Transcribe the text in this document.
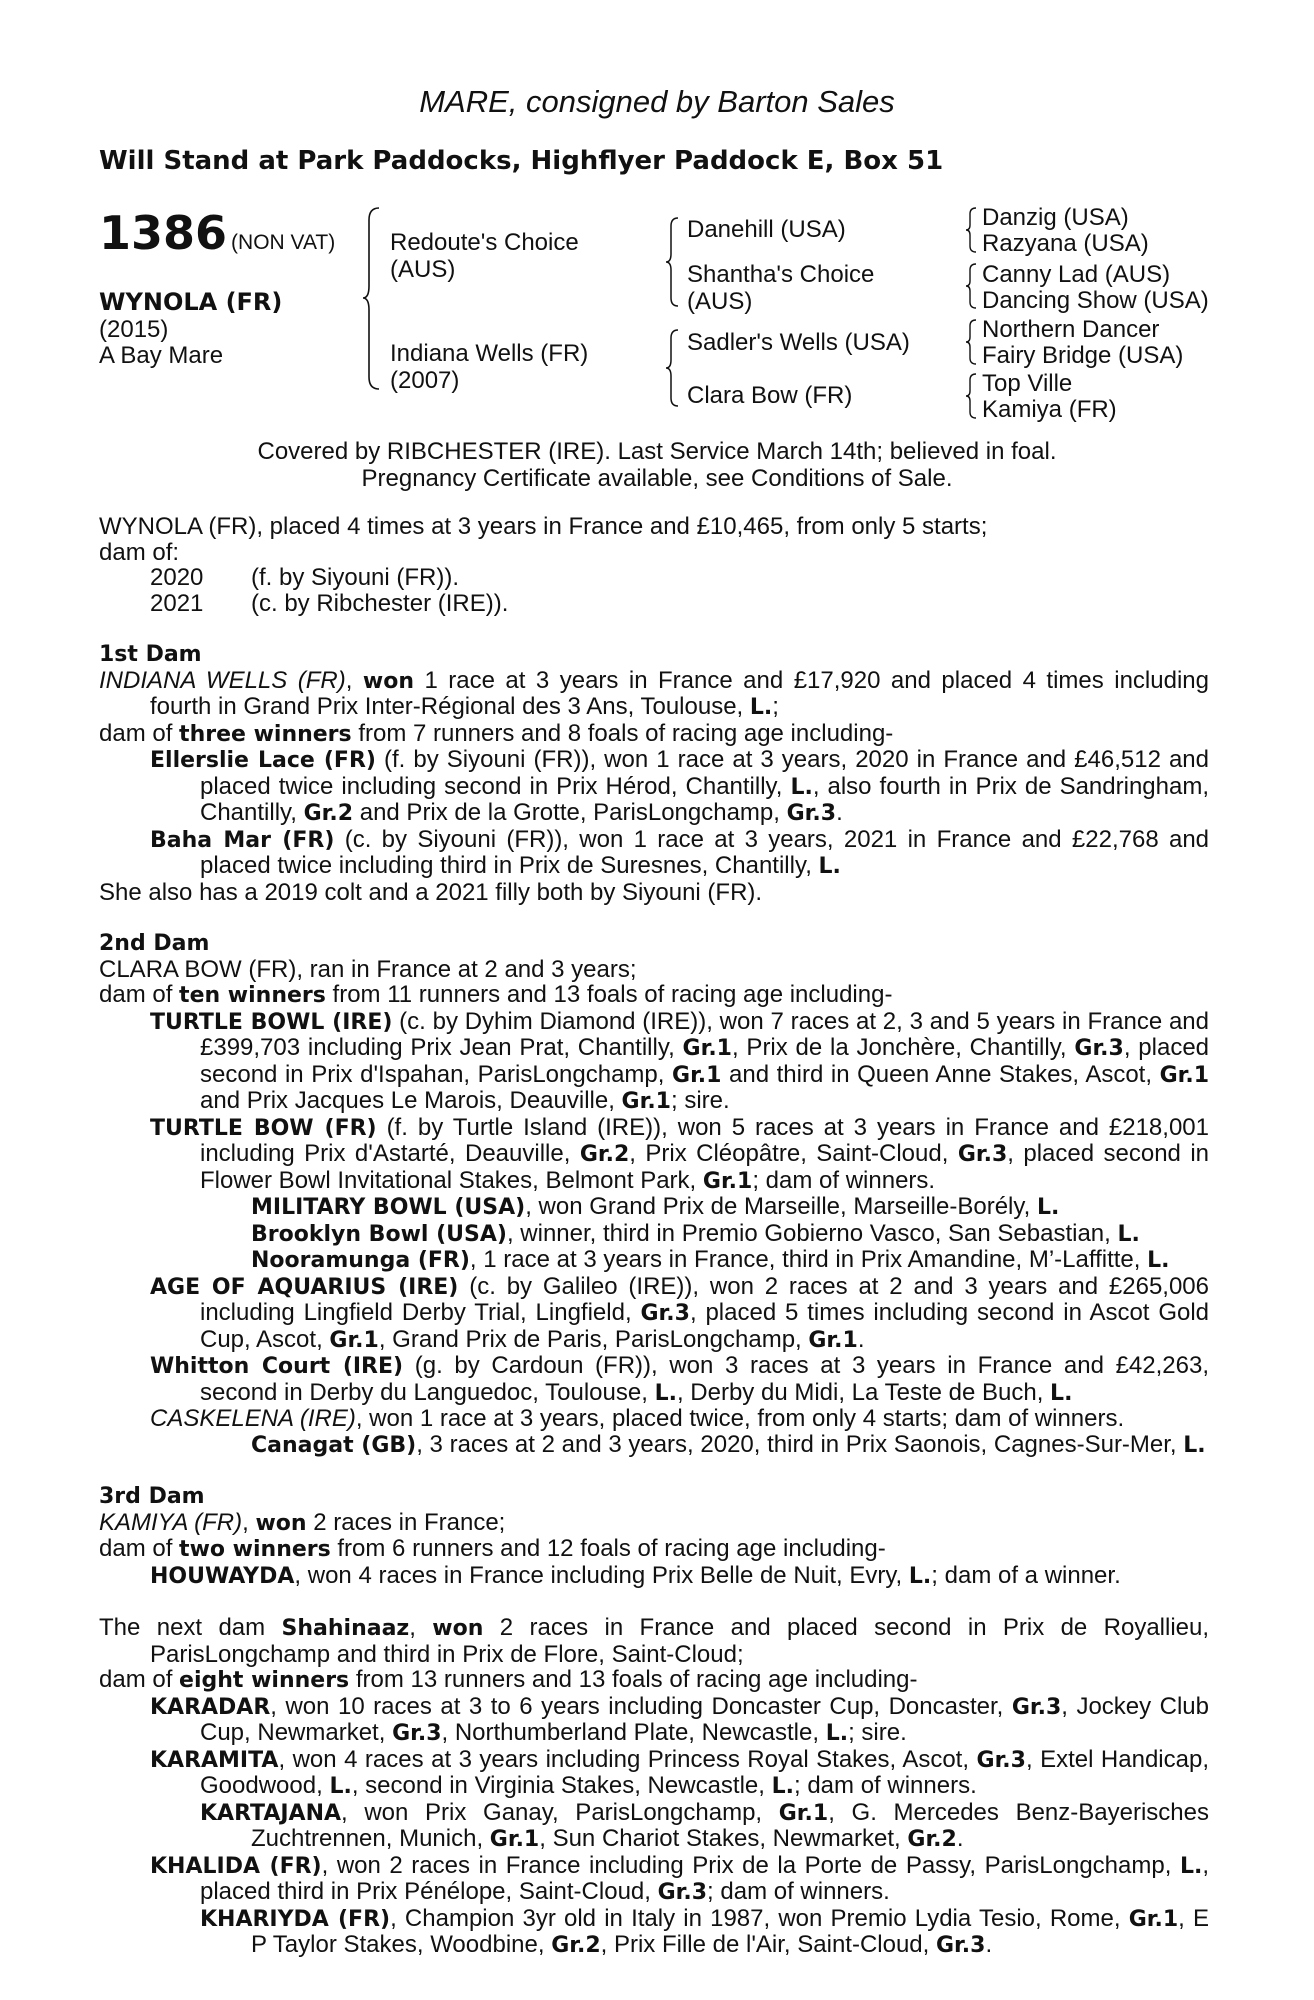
MARE, consigned by Barton Sales
Will Stand at Park Paddocks, Highflyer Paddock E, Box 51
1386 (NON VAT)
WYNOLA (FR)
(2015)
A Bay Mare
Redoute's Choice
(AUS)
Indiana Wells (FR)
(2007)
Danehill (USA)
Shantha's Choice
(AUS)
Sadler's Wells (USA)
Clara Bow (FR)
Danzig (USA)
Razyana (USA)
Canny Lad (AUS)
Dancing Show (USA)
Northern Dancer
Fairy Bridge (USA)
Top Ville
Kamiya (FR)
Covered by RIBCHESTER (IRE). Last Service March 14th; believed in foal.
Pregnancy Certificate available, see Conditions of Sale.

WYNOLA (FR), placed 4 times at 3 years in France and £10,465, from only 5 starts;

dam of:

2020 (f. by Siyouni (FR)).

2021 (c. by Ribchester (IRE)).

1st Dam

INDIANA WELLS (FR), won 1 race at 3 years in France and £17,920 and placed 4 times including fourth in Grand Prix Inter-Régional des 3 Ans, Toulouse, L.;

dam of three winners from 7 runners and 8 foals of racing age including-

Ellerslie Lace (FR) (f. by Siyouni (FR)), won 1 race at 3 years, 2020 in France and £46,512 and placed twice including second in Prix Hérod, Chantilly, L., also fourth in Prix de Sandringham, Chantilly, Gr.2 and Prix de la Grotte, ParisLongchamp, Gr.3.

Baha Mar (FR) (c. by Siyouni (FR)), won 1 race at 3 years, 2021 in France and £22,768 and placed twice including third in Prix de Suresnes, Chantilly, L.

She also has a 2019 colt and a 2021 filly both by Siyouni (FR).

2nd Dam

CLARA BOW (FR), ran in France at 2 and 3 years;

dam of ten winners from 11 runners and 13 foals of racing age including-

TURTLE BOWL (IRE) (c. by Dyhim Diamond (IRE)), won 7 races at 2, 3 and 5 years in France and £399,703 including Prix Jean Prat, Chantilly, Gr.1, Prix de la Jonchère, Chantilly, Gr.3, placed second in Prix d'Ispahan, ParisLongchamp, Gr.1 and third in Queen Anne Stakes, Ascot, Gr.1 and Prix Jacques Le Marois, Deauville, Gr.1; sire.

TURTLE BOW (FR) (f. by Turtle Island (IRE)), won 5 races at 3 years in France and £218,001 including Prix d'Astarté, Deauville, Gr.2, Prix Cléopâtre, Saint-Cloud, Gr.3, placed second in Flower Bowl Invitational Stakes, Belmont Park, Gr.1; dam of winners.

MILITARY BOWL (USA), won Grand Prix de Marseille, Marseille-Borély, L.

Brooklyn Bowl (USA), winner, third in Premio Gobierno Vasco, San Sebastian, L.

Nooramunga (FR), 1 race at 3 years in France, third in Prix Amandine, M’-Laffitte, L.

AGE OF AQUARIUS (IRE) (c. by Galileo (IRE)), won 2 races at 2 and 3 years and £265,006 including Lingfield Derby Trial, Lingfield, Gr.3, placed 5 times including second in Ascot Gold Cup, Ascot, Gr.1, Grand Prix de Paris, ParisLongchamp, Gr.1.

Whitton Court (IRE) (g. by Cardoun (FR)), won 3 races at 3 years in France and £42,263, second in Derby du Languedoc, Toulouse, L., Derby du Midi, La Teste de Buch, L.

CASKELENA (IRE), won 1 race at 3 years, placed twice, from only 4 starts; dam of winners.

Canagat (GB), 3 races at 2 and 3 years, 2020, third in Prix Saonois, Cagnes-Sur-Mer, L.

3rd Dam

KAMIYA (FR), won 2 races in France;

dam of two winners from 6 runners and 12 foals of racing age including-

HOUWAYDA, won 4 races in France including Prix Belle de Nuit, Evry, L.; dam of a winner.

The next dam Shahinaaz, won 2 races in France and placed second in Prix de Royallieu, ParisLongchamp and third in Prix de Flore, Saint-Cloud;

dam of eight winners from 13 runners and 13 foals of racing age including-

KARADAR, won 10 races at 3 to 6 years including Doncaster Cup, Doncaster, Gr.3, Jockey Club Cup, Newmarket, Gr.3, Northumberland Plate, Newcastle, L.; sire.

KARAMITA, won 4 races at 3 years including Princess Royal Stakes, Ascot, Gr.3, Extel Handicap, Goodwood, L., second in Virginia Stakes, Newcastle, L.; dam of winners.

KARTAJANA, won Prix Ganay, ParisLongchamp, Gr.1, G. Mercedes Benz-Bayerisches Zuchtrennen, Munich, Gr.1, Sun Chariot Stakes, Newmarket, Gr.2.

KHALIDA (FR), won 2 races in France including Prix de la Porte de Passy, ParisLongchamp, L., placed third in Prix Pénélope, Saint-Cloud, Gr.3; dam of winners.

KHARIYDA (FR), Champion 3yr old in Italy in 1987, won Premio Lydia Tesio, Rome, Gr.1, E P Taylor Stakes, Woodbine, Gr.2, Prix Fille de l'Air, Saint-Cloud, Gr.3.
